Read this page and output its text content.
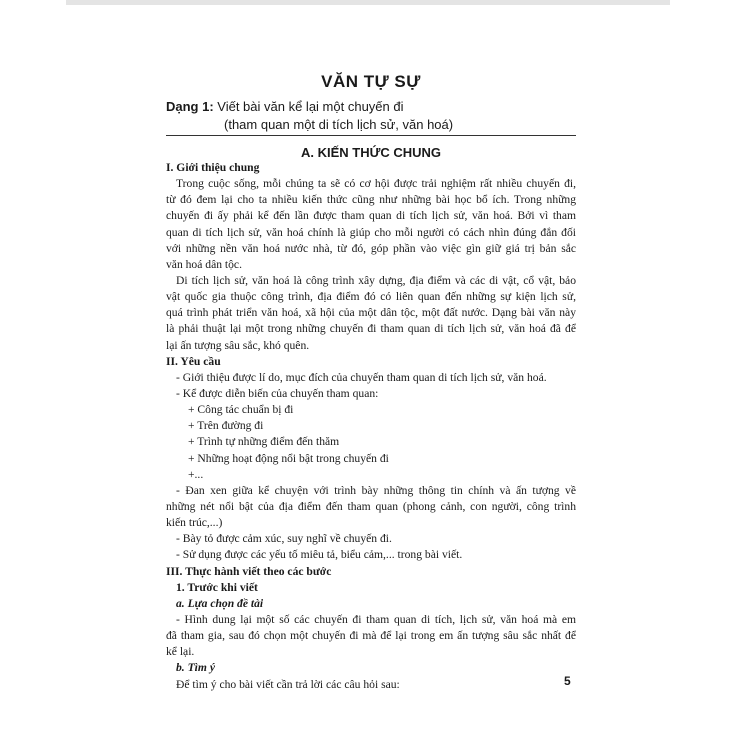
VĂN TỰ SỰ
Dạng 1: Viết bài văn kể lại một chuyến đi
(tham quan một di tích lịch sử, văn hoá)
A. KIẾN THỨC CHUNG
I. Giới thiệu chung
Trong cuộc sống, mỗi chúng ta sẽ có cơ hội được trải nghiệm rất nhiều chuyến đi,
từ đó đem lại cho ta nhiều kiến thức cũng như những bài học bổ ích. Trong những
chuyến đi ấy phải kể đến lần được tham quan di tích lịch sử, văn hoá. Bởi vì tham
quan di tích lịch sử, văn hoá chính là giúp cho mỗi người có cách nhìn đúng đắn đối
với những nền văn hoá nước nhà, từ đó, góp phần vào việc gìn giữ giá trị bản sắc
văn hoá dân tộc.
Di tích lịch sử, văn hoá là công trình xây dựng, địa điểm và các di vật, cổ vật, bảo
vật quốc gia thuộc công trình, địa điểm đó có liên quan đến những sự kiện lịch sử,
quá trình phát triển văn hoá, xã hội của một dân tộc, một đất nước. Dạng bài văn này
là phải thuật lại một trong những chuyến đi tham quan di tích lịch sử, văn hoá đã để
lại ấn tượng sâu sắc, khó quên.
II. Yêu cầu
- Giới thiệu được lí do, mục đích của chuyến tham quan di tích lịch sử, văn hoá.
- Kể được diễn biến của chuyến tham quan:
+ Công tác chuẩn bị đi
+ Trên đường đi
+ Trình tự những điểm đến thăm
+ Những hoạt động nổi bật trong chuyến đi
+...
- Đan xen giữa kể chuyện với trình bày những thông tin chính và ấn tượng về
những nét nổi bật của địa điểm đến tham quan (phong cảnh, con người, công trình
kiến trúc,...)
- Bày tỏ được cảm xúc, suy nghĩ về chuyến đi.
- Sử dụng được các yếu tố miêu tả, biểu cảm,... trong bài viết.
III. Thực hành viết theo các bước
1. Trước khi viết
a. Lựa chọn đề tài
- Hình dung lại một số các chuyến đi tham quan di tích, lịch sử, văn hoá mà em
đã tham gia, sau đó chọn một chuyến đi mà để lại trong em ấn tượng sâu sắc nhất để
kể lại.
b. Tìm ý
Để tìm ý cho bài viết cần trả lời các câu hỏi sau:	5
